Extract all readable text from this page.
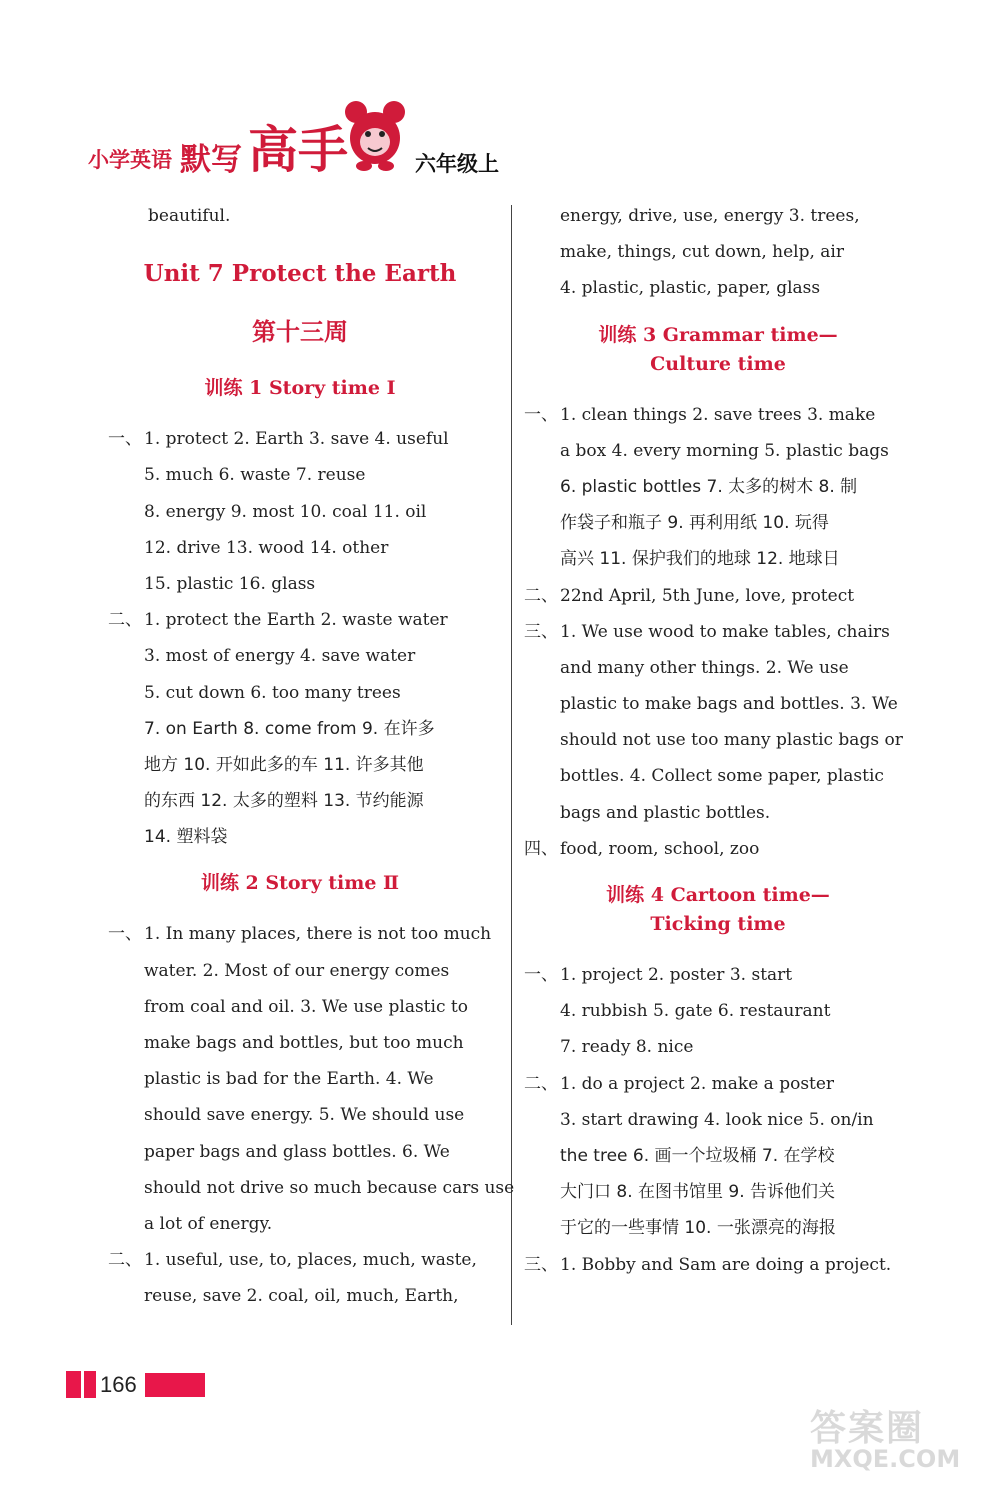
小学英语 默写 高手	六年级上
beautiful.
Unit 7 Protect the Earth
第十三周
训练 1 Story time Ⅰ
一、 1. protect 2. Earth 3. save 4. useful
5. much 6. waste 7. reuse
8. energy 9. most 10. coal 11. oil
12. drive 13. wood 14. other
15. plastic 16. glass
二、 1. protect the Earth 2. waste water
3. most of energy 4. save water
5. cut down 6. too many trees
7. on Earth 8. come from 9. 在许多
地方 10. 开如此多的车 11. 许多其他
的东西 12. 太多的塑料 13. 节约能源
14. 塑料袋
训练 2 Story time Ⅱ
一、 1. In many places, there is not too much
water. 2. Most of our energy comes
from coal and oil. 3. We use plastic to
make bags and bottles, but too much
plastic is bad for the Earth. 4. We
should save energy. 5. We should use
paper bags and glass bottles. 6. We
should not drive so much because cars use
a lot of energy.
二、 1. useful, use, to, places, much, waste,
reuse, save 2. coal, oil, much, Earth,
energy, drive, use, energy 3. trees,
make, things, cut down, help, air
4. plastic, plastic, paper, glass
训练 3 Grammar time—
Culture time
一、 1. clean things 2. save trees 3. make
a box 4. every morning 5. plastic bags
6. plastic bottles 7. 太多的树木 8. 制
作袋子和瓶子 9. 再利用纸 10. 玩得
高兴 11. 保护我们的地球 12. 地球日
二、 22nd April, 5th June, love, protect
三、 1. We use wood to make tables, chairs
and many other things. 2. We use
plastic to make bags and bottles. 3. We
should not use too many plastic bags or
bottles. 4. Collect some paper, plastic
bags and plastic bottles.
四、 food, room, school, zoo
训练 4 Cartoon time—
Ticking time
一、 1. project 2. poster 3. start
4. rubbish 5. gate 6. restaurant
7. ready 8. nice
二、 1. do a project 2. make a poster
3. start drawing 4. look nice 5. on/in
the tree 6. 画一个垃圾桶 7. 在学校
大门口 8. 在图书馆里 9. 告诉他们关
于它的一些事情 10. 一张漂亮的海报
三、 1. Bobby and Sam are doing a project.
166
答案圈
MXQE.COM
